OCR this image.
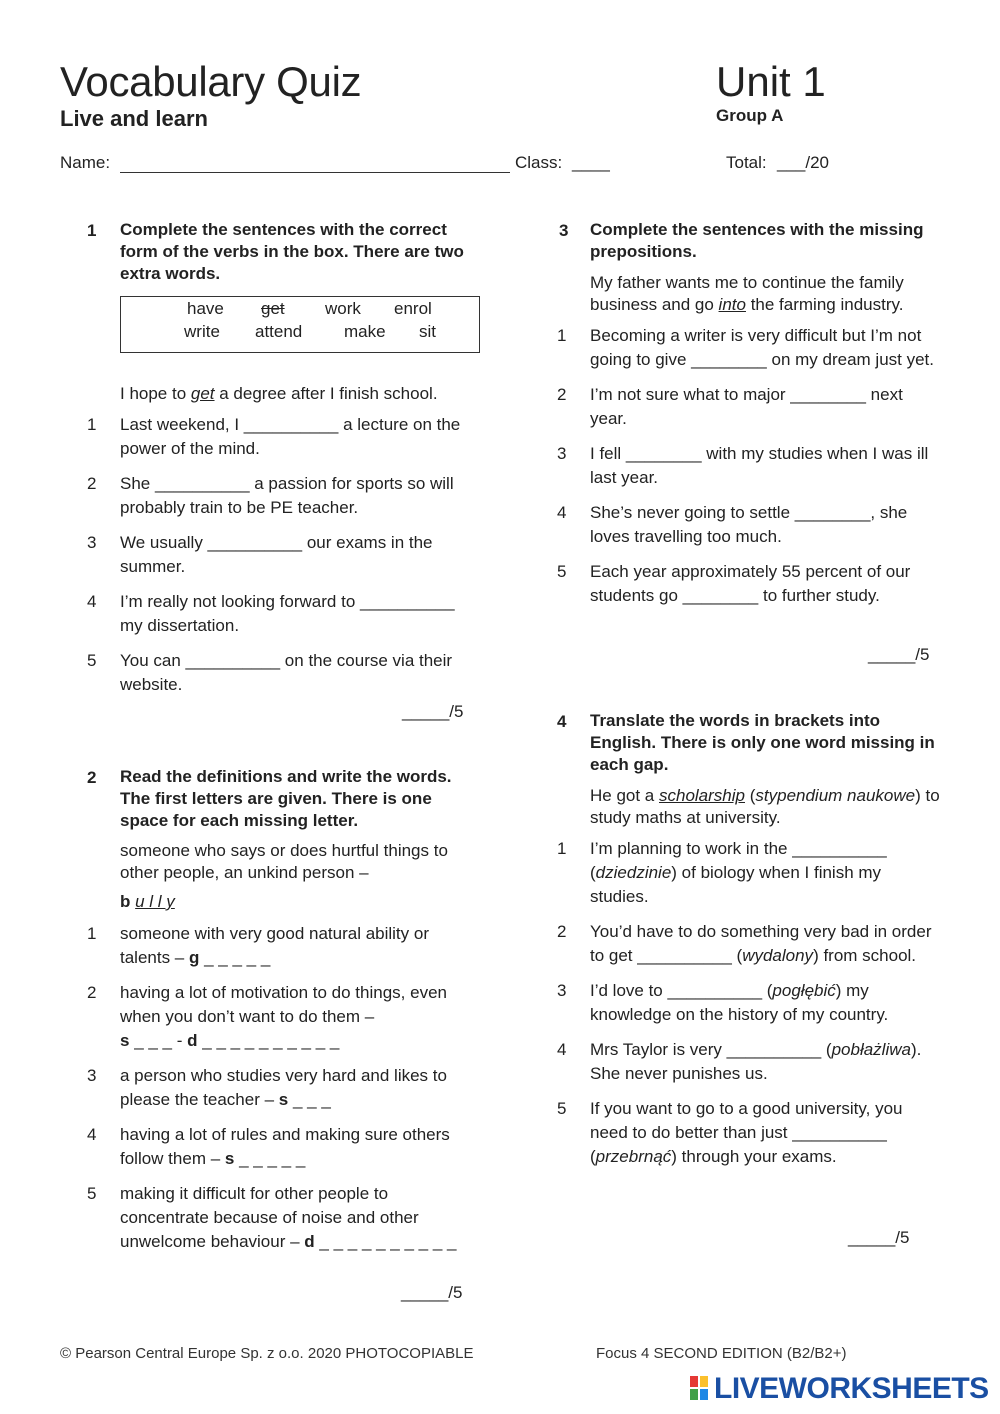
Vocabulary Quiz
Live and learn
Unit 1
Group A
Name:	Class: ____	Total: ___/20
1 Complete the sentences with the correct form of the verbs in the box. There are two extra words.
have get work enrol
write attend make sit
I hope to get a degree after I finish school.
1 Last weekend, I __________ a lecture on the power of the mind.
2 She __________ a passion for sports so will probably train to be PE teacher.
3 We usually __________ our exams in the summer.
4 I’m really not looking forward to __________ my dissertation.
5 You can __________ on the course via their website.
_____/5
2 Read the definitions and write the words. The first letters are given. There is one space for each missing letter.
someone who says or does hurtful things to other people, an unkind person –
b u l l y
1 someone with very good natural ability or talents – g _ _ _ _ _
2 having a lot of motivation to do things, even when you don’t want to do them –
s _ _ _ - d _ _ _ _ _ _ _ _ _ _
3 a person who studies very hard and likes to please the teacher – s _ _ _
4 having a lot of rules and making sure others follow them – s _ _ _ _ _
5 making it difficult for other people to concentrate because of noise and other unwelcome behaviour – d _ _ _ _ _ _ _ _ _ _
_____/5
3 Complete the sentences with the missing prepositions.
My father wants me to continue the family business and go into the farming industry.
1 Becoming a writer is very difficult but I’m not going to give ________ on my dream just yet.
2 I’m not sure what to major ________ next year.
3 I fell ________ with my studies when I was ill last year.
4 She’s never going to settle ________, she loves travelling too much.
5 Each year approximately 55 percent of our students go ________ to further study.
_____/5
4 Translate the words in brackets into English. There is only one word missing in each gap.
He got a scholarship (stypendium naukowe) to study maths at university.
1 I’m planning to work in the __________ (dziedzinie) of biology when I finish my studies.
2 You’d have to do something very bad in order to get __________ (wydalony) from school.
3 I’d love to __________ (pogłębić) my knowledge on the history of my country.
4 Mrs Taylor is very __________ (pobłażliwa). She never punishes us.
5 If you want to go to a good university, you need to do better than just __________ (przebrnąć) through your exams.
_____/5
© Pearson Central Europe Sp. z o.o. 2020 PHOTOCOPIABLE	Focus 4 SECOND EDITION (B2/B2+)
LIVEWORKSHEETS
